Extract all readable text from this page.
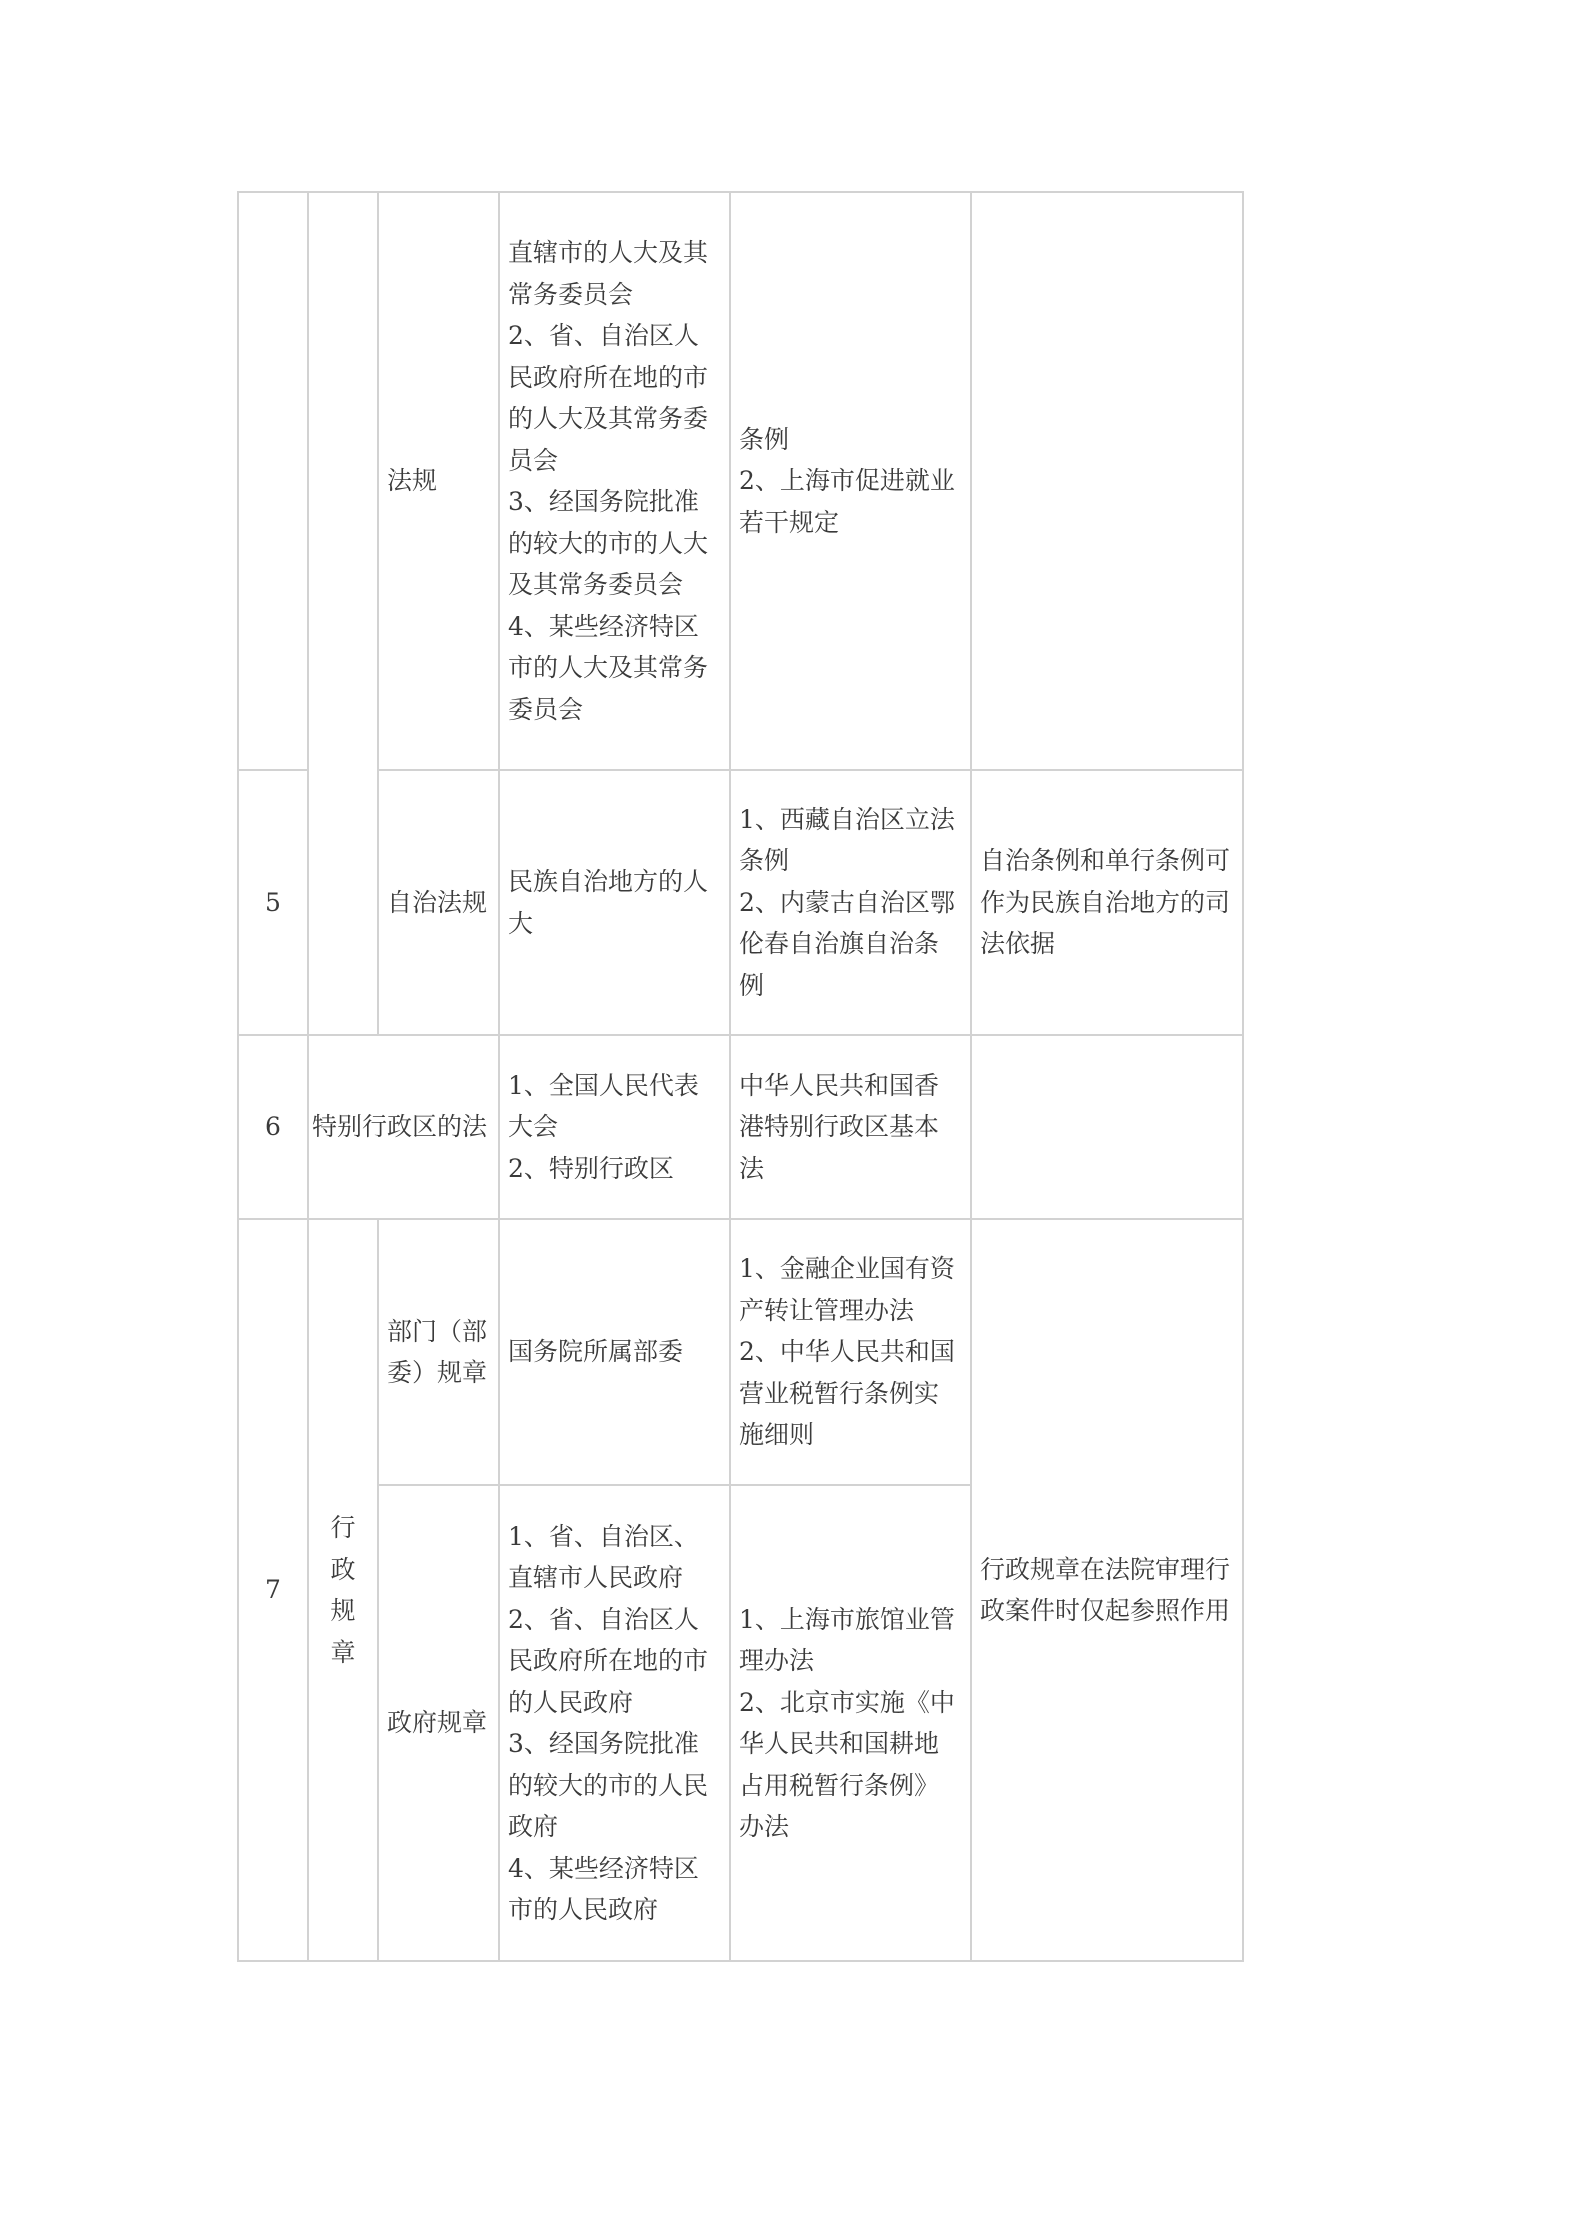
		法规	直辖市的人大及其常务委员会
2、省、自治区人民政府所在地的市的人大及其常务委员会
3、经国务院批准的较大的市的人大及其常务委员会
4、某些经济特区市的人大及其常务委员会	条例
2、上海市促进就业若干规定	
5		自治法规	民族自治地方的人大	1、西藏自治区立法条例
2、内蒙古自治区鄂伦春自治旗自治条例	自治条例和单行条例可作为民族自治地方的司法依据
6	特别行政区的法		1、全国人民代表大会
2、特别行政区	中华人民共和国香港特别行政区基本法	
7	行政规章	部门（部委）规章	国务院所属部委	1、金融企业国有资产转让管理办法
2、中华人民共和国营业税暂行条例实施细则	行政规章在法院审理行政案件时仅起参照作用
		政府规章	1、省、自治区、直辖市人民政府
2、省、自治区人民政府所在地的市的人民政府
3、经国务院批准的较大的市的人民政府
4、某些经济特区市的人民政府	1、上海市旅馆业管理办法
2、北京市实施《中华人民共和国耕地占用税暂行条例》办法	
